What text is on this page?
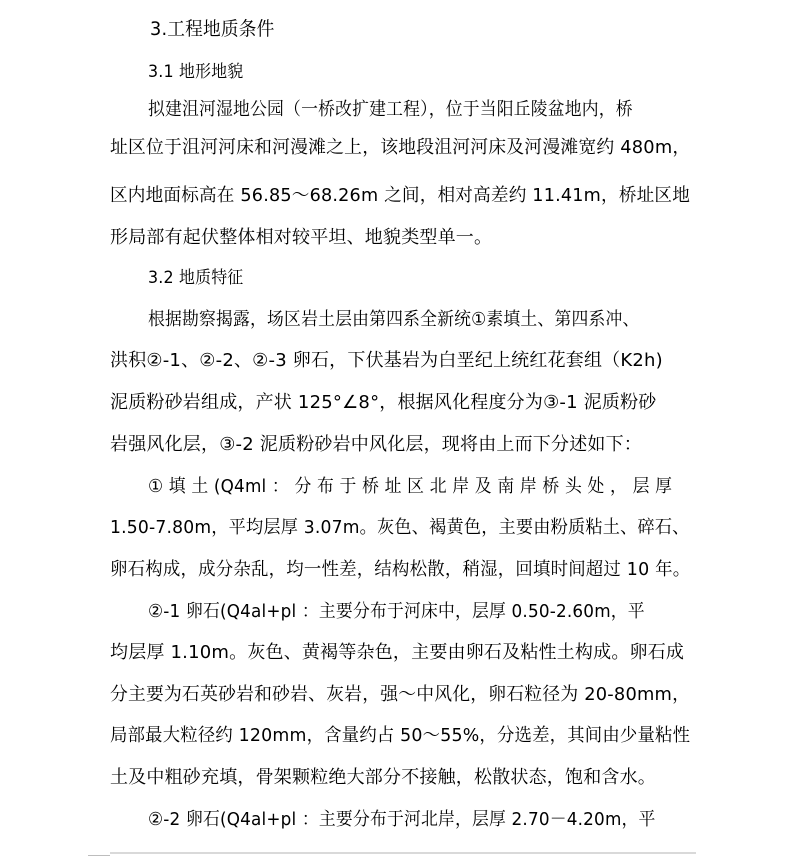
3.工程地质条件
3.1 地形地貌
拟建沮河湿地公园（一桥改扩建工程），位于当阳丘陵盆地内，桥
址区位于沮河河床和河漫滩之上，该地段沮河河床及河漫滩宽约 480m，
区内地面标高在 56.85～68.26m 之间，相对高差约 11.41m，桥址区地
形局部有起伏整体相对较平坦、地貌类型单一。
3.2 地质特征
根据勘察揭露，场区岩土层由第四系全新统①素填土、第四系冲、
洪积②-1、②-2、②-3 卵石，下伏基岩为白垩纪上统红花套组（K2h)
泥质粉砂岩组成，产状 125°∠8°，根据风化程度分为③-1 泥质粉砂
岩强风化层，③-2 泥质粉砂岩中风化层，现将由上而下分述如下：
① 填 土 (Q4ml ： 分 布 于 桥 址 区 北 岸 及 南 岸 桥 头 处 ， 层 厚
1.50-7.80m，平均层厚 3.07m。灰色、褐黄色，主要由粉质粘土、碎石、
卵石构成，成分杂乱，均一性差，结构松散，稍湿，回填时间超过 10 年。
②-1 卵石(Q4al+pl ：主要分布于河床中，层厚 0.50-2.60m，平
均层厚 1.10m。灰色、黄褐等杂色，主要由卵石及粘性土构成。卵石成
分主要为石英砂岩和砂岩、灰岩，强～中风化，卵石粒径为 20-80mm，
局部最大粒径约 120mm，含量约占 50～55%，分选差，其间由少量粘性
土及中粗砂充填，骨架颗粒绝大部分不接触，松散状态，饱和含水。
②-2 卵石(Q4al+pl ：主要分布于河北岸，层厚 2.70－4.20m，平
